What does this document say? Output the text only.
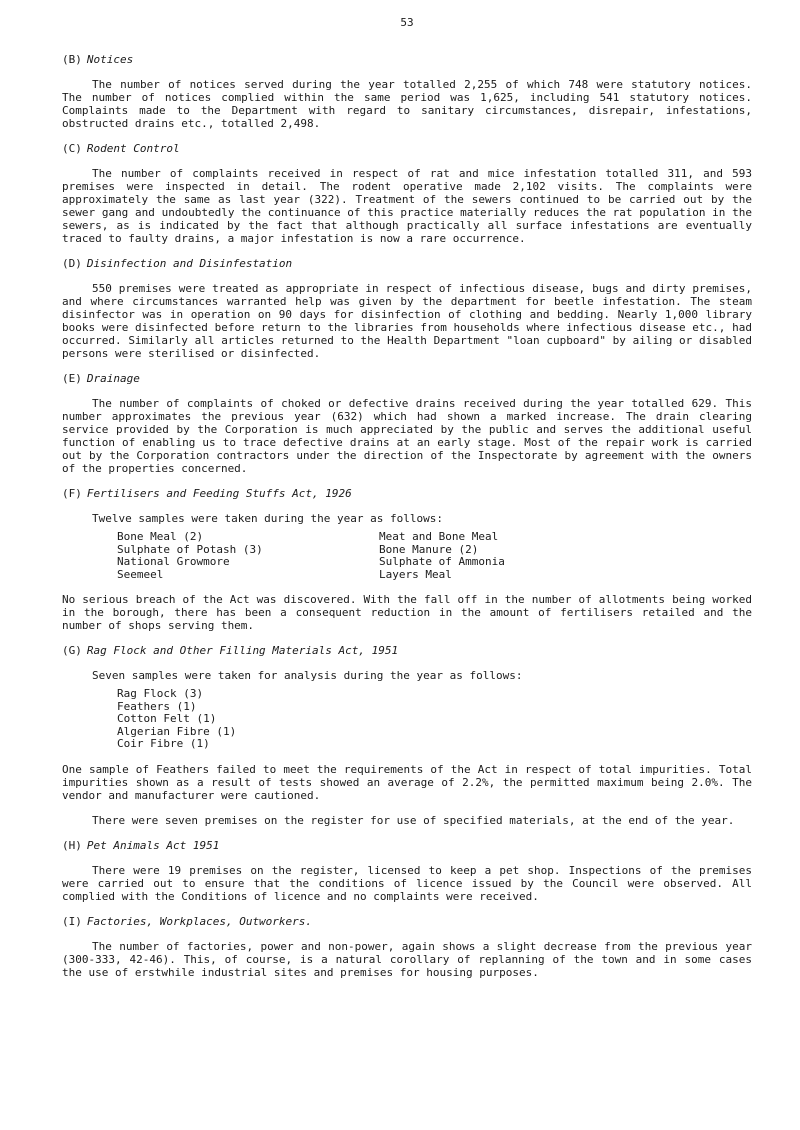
53
(B) Notices

The number of notices served during the year totalled 2,255 of which 748 were statutory notices. The number of notices complied within the same period was 1,625, including 541 statutory notices. Complaints made to the Department with regard to sanitary circumstances, disrepair, infestations, obstructed drains etc., totalled 2,498.

(C) Rodent Control

The number of complaints received in respect of rat and mice infestation totalled 311, and 593 premises were inspected in detail. The rodent operative made 2,102 visits. The complaints were approximately the same as last year (322). Treatment of the sewers continued to be carried out by the sewer gang and undoubtedly the continuance of this practice materially reduces the rat population in the sewers, as is indicated by the fact that although practically all surface infestations are eventually traced to faulty drains, a major infestation is now a rare occurrence.

(D) Disinfection and Disinfestation

550 premises were treated as appropriate in respect of infectious disease, bugs and dirty premises, and where circumstances warranted help was given by the department for beetle infestation. The steam disinfector was in operation on 90 days for disinfection of clothing and bedding. Nearly 1,000 library books were disinfected before return to the libraries from households where infectious disease etc., had occurred. Similarly all articles returned to the Health Department "loan cupboard" by ailing or disabled persons were sterilised or disinfected.

(E) Drainage

The number of complaints of choked or defective drains received during the year totalled 629. This number approximates the previous year (632) which had shown a marked increase. The drain clearing service provided by the Corporation is much appreciated by the public and serves the additional useful function of enabling us to trace defective drains at an early stage. Most of the repair work is carried out by the Corporation contractors under the direction of the Inspectorate by agreement with the owners of the properties concerned.

(F) Fertilisers and Feeding Stuffs Act, 1926

Twelve samples were taken during the year as follows:

Bone Meal (2)
Sulphate of Potash (3)
National Growmore
Seemeel
Meat and Bone Meal
Bone Manure (2)
Sulphate of Ammonia
Layers Meal

No serious breach of the Act was discovered. With the fall off in the number of allotments being worked in the borough, there has been a consequent reduction in the amount of fertilisers retailed and the number of shops serving them.

(G) Rag Flock and Other Filling Materials Act, 1951

Seven samples were taken for analysis during the year as follows:

Rag Flock (3)
Feathers (1)
Cotton Felt (1)
Algerian Fibre (1)
Coir Fibre (1)

One sample of Feathers failed to meet the requirements of the Act in respect of total impurities. Total impurities shown as a result of tests showed an average of 2.2%, the permitted maximum being 2.0%. The vendor and manufacturer were cautioned.

There were seven premises on the register for use of specified materials, at the end of the year.

(H) Pet Animals Act 1951

There were 19 premises on the register, licensed to keep a pet shop. Inspections of the premises were carried out to ensure that the conditions of licence issued by the Council were observed. All complied with the Conditions of licence and no complaints were received.

(I) Factories, Workplaces, Outworkers.

The number of factories, power and non-power, again shows a slight decrease from the previous year (300-333, 42-46). This, of course, is a natural corollary of replanning of the town and in some cases the use of erstwhile industrial sites and premises for housing purposes.
